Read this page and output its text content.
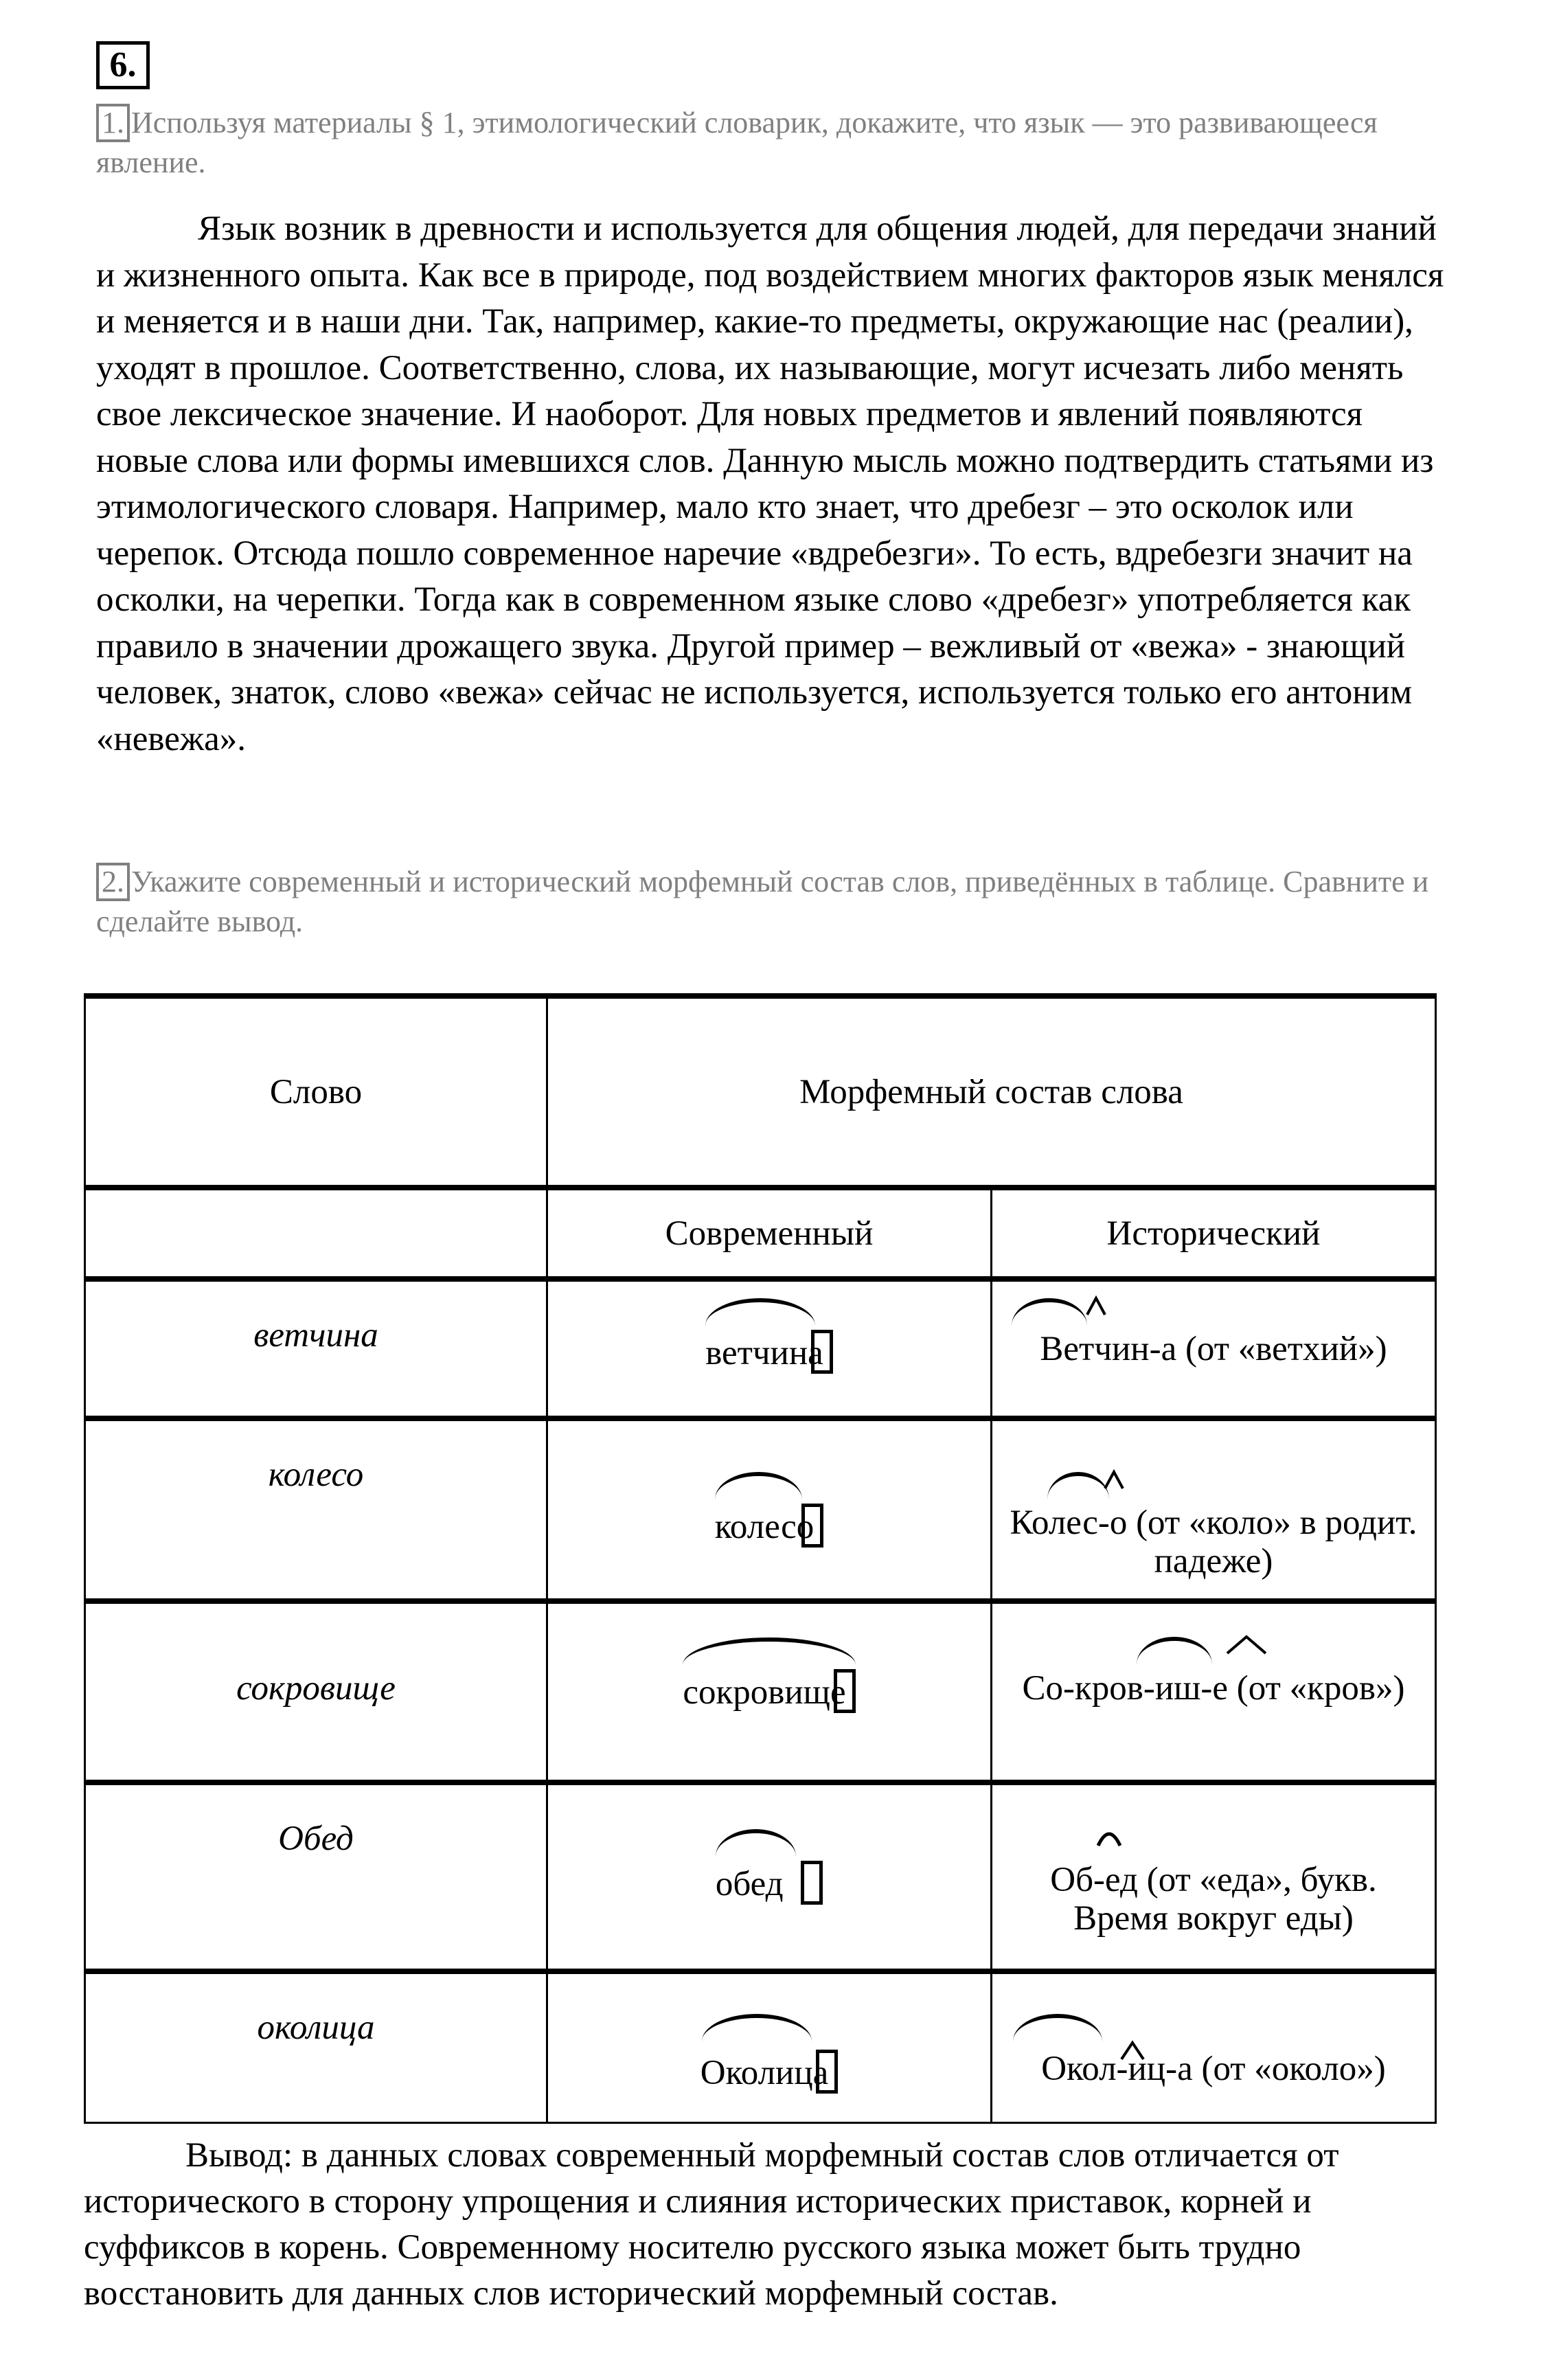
6.
1. Используя материалы § 1, этимологический словарик, докажите, что язык — это развивающееся явление.
Язык возник в древности и используется для общения людей, для передачи знаний и жизненного опыта. Как все в природе, под воздействием многих факторов язык менялся и меняется и в наши дни. Так, например, какие-то предметы, окружающие нас (реалии), уходят в прошлое. Соответственно, слова, их называющие, могут исчезать либо менять свое лексическое значение. И наоборот. Для новых предметов и явлений появляются новые слова или формы имевшихся слов. Данную мысль можно подтвердить статьями из этимологического словаря. Например, мало кто знает, что дребезг – это осколок или черепок. Отсюда пошло современное наречие «вдребезги». То есть, вдребезги значит на осколки, на черепки. Тогда как в современном языке слово «дребезг» употребляется как правило в значении дрожащего звука. Другой пример – вежливый от «вежа» - знающий человек, знаток, слово «вежа» сейчас не используется, используется только его антоним «невежа».
2. Укажите современный и исторический морфемный состав слов, приведённых в таблице. Сравните и сделайте вывод.
Слово	Морфемный состав слова	
	Современный	Исторический

ветчина	ветчина	Ветчин-а (от «ветхий»)

колесо	колесо	Колес-о (от «коло» в родит. падеже)

сокровище	сокровище	Со-кров-иш-е (от «кров»)

Обед	обед	Об-ед (от «еда», букв. Время вокруг еды)

околица	Околица	Окол-иц-а (от «около»)
Вывод: в данных словах современный морфемный состав слов отличается от исторического в сторону упрощения и слияния исторических приставок, корней и суффиксов в корень. Современному носителю русского языка может быть трудно восстановить для данных слов исторический морфемный состав.
